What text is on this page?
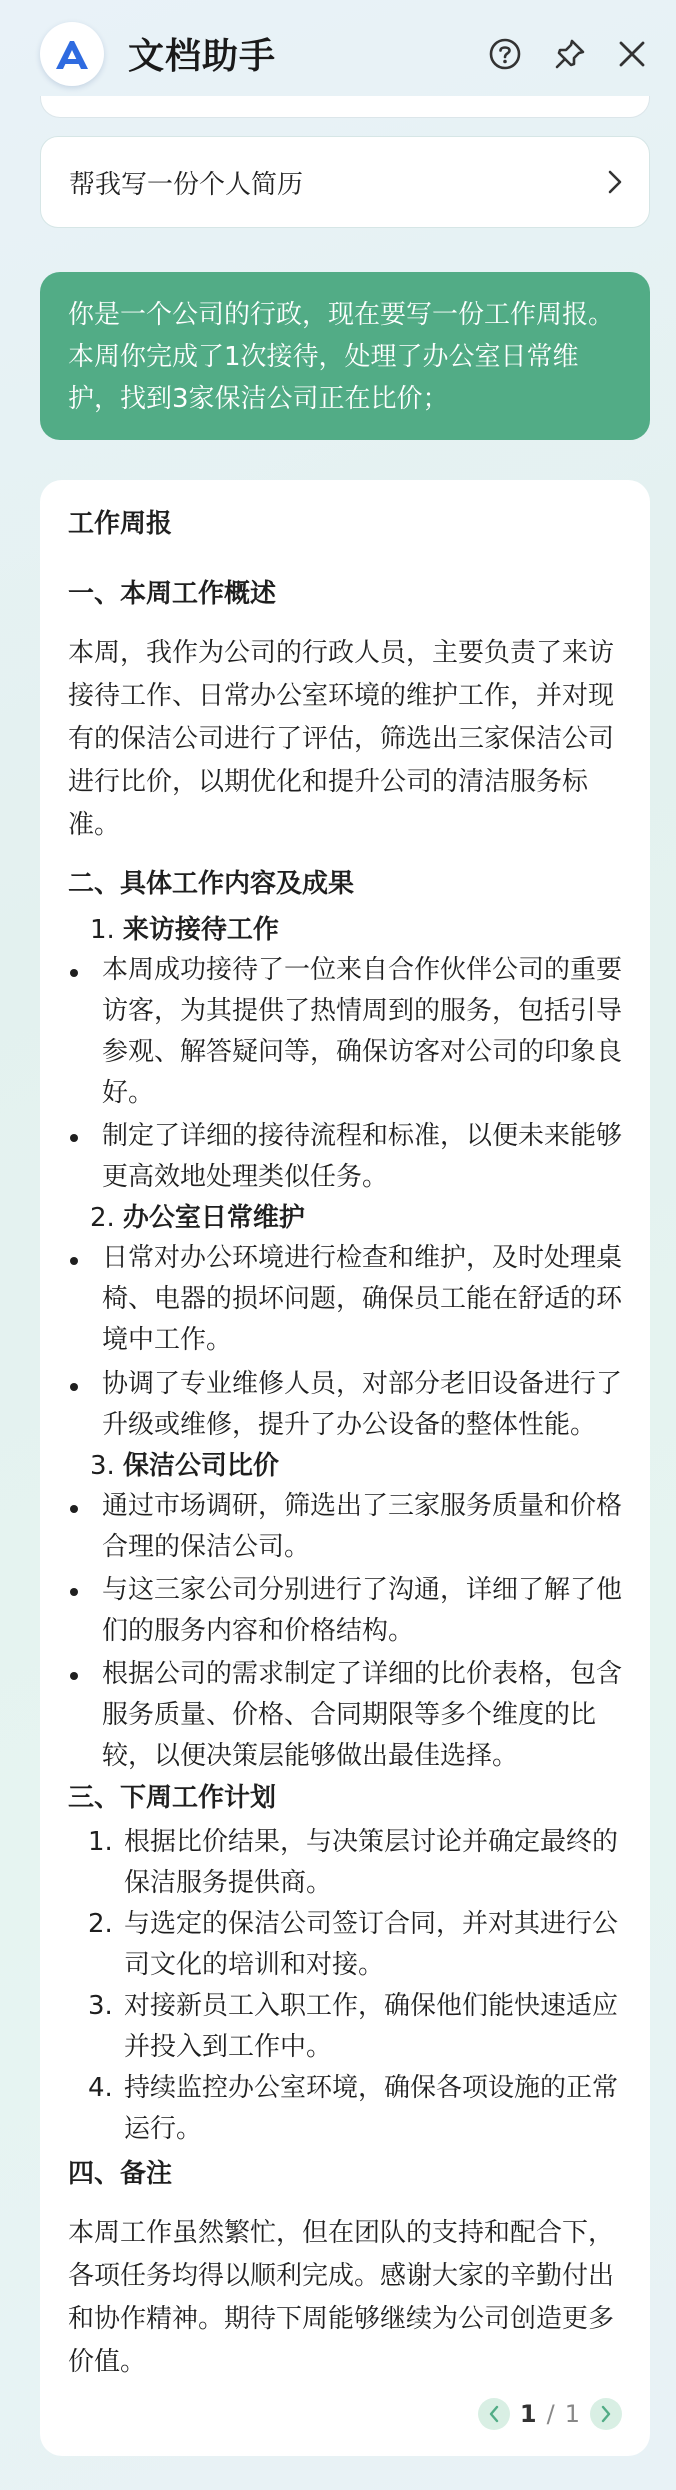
文档助手
帮我写一份个人简历
你是一个公司的行政，现在要写一份工作周报。本周你完成了1次接待，处理了办公室日常维护，找到3家保洁公司正在比价；
工作周报
一、本周工作概述
本周，我作为公司的行政人员，主要负责了来访接待工作、日常办公室环境的维护工作，并对现有的保洁公司进行了评估，筛选出三家保洁公司进行比价，以期优化和提升公司的清洁服务标准。
二、具体工作内容及成果
1. 来访接待工作
本周成功接待了一位来自合作伙伴公司的重要访客，为其提供了热情周到的服务，包括引导参观、解答疑问等，确保访客对公司的印象良好。
制定了详细的接待流程和标准，以便未来能够更高效地处理类似任务。
2. 办公室日常维护
日常对办公环境进行检查和维护，及时处理桌椅、电器的损坏问题，确保员工能在舒适的环境中工作。
协调了专业维修人员，对部分老旧设备进行了升级或维修，提升了办公设备的整体性能。
3. 保洁公司比价
通过市场调研，筛选出了三家服务质量和价格合理的保洁公司。
与这三家公司分别进行了沟通，详细了解了他们的服务内容和价格结构。
根据公司的需求制定了详细的比价表格，包含服务质量、价格、合同期限等多个维度的比较，以便决策层能够做出最佳选择。
三、下周工作计划
1. 根据比价结果，与决策层讨论并确定最终的保洁服务提供商。
2. 与选定的保洁公司签订合同，并对其进行公司文化的培训和对接。
3. 对接新员工入职工作，确保他们能快速适应并投入到工作中。
4. 持续监控办公室环境，确保各项设施的正常运行。
四、备注
本周工作虽然繁忙，但在团队的支持和配合下，各项任务均得以顺利完成。感谢大家的辛勤付出和协作精神。期待下周能够继续为公司创造更多价值。
1 / 1
